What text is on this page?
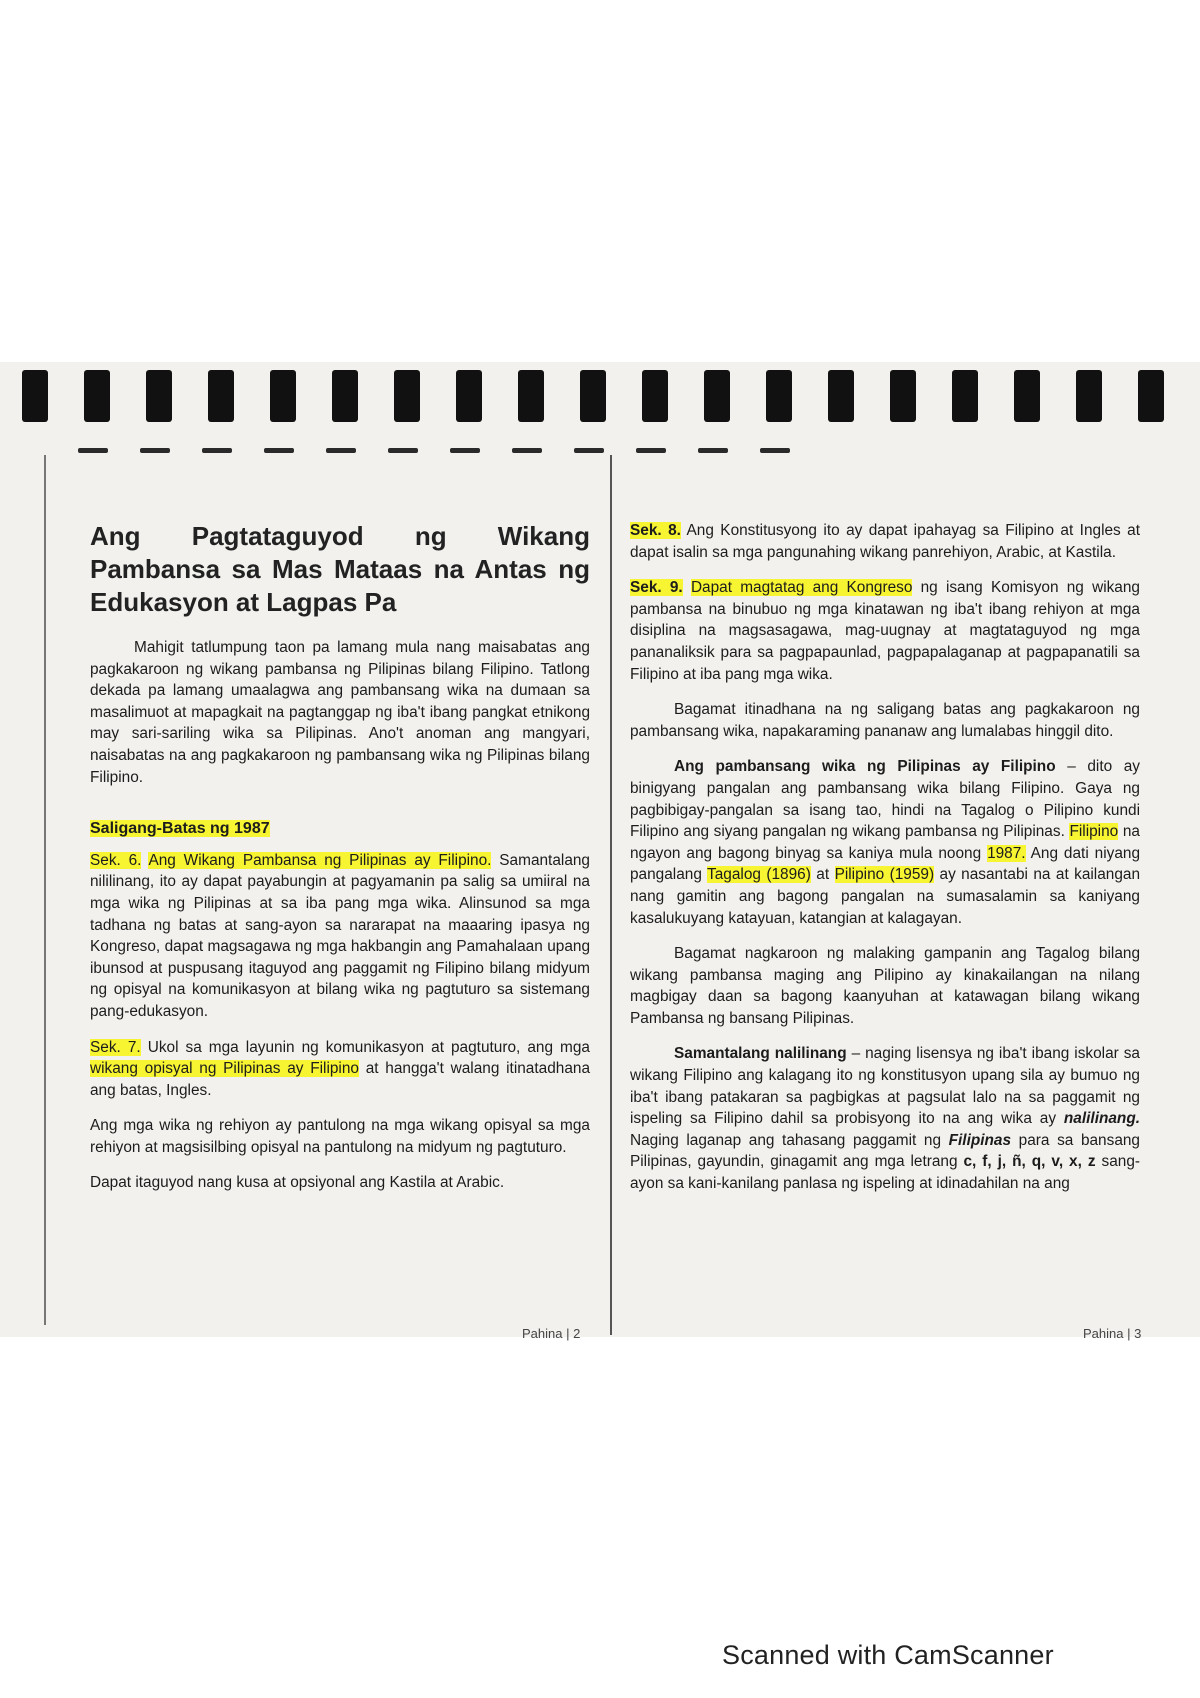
Ang Pagtataguyod ng Wikang Pambansa sa Mas Mataas na Antas ng Edukasyon at Lagpas Pa

Mahigit tatlumpung taon pa lamang mula nang maisabatas ang pagkakaroon ng wikang pambansa ng Pilipinas bilang Filipino. Tatlong dekada pa lamang umaalagwa ang pambansang wika na dumaan sa masalimuot at mapagkait na pagtanggap ng iba't ibang pangkat etnikong may sari-sariling wika sa Pilipinas. Ano't anoman ang mangyari, naisabatas na ang pagkakaroon ng pambansang wika ng Pilipinas bilang Filipino.

Saligang-Batas ng 1987

Sek. 6. Ang Wikang Pambansa ng Pilipinas ay Filipino. Samantalang nililinang, ito ay dapat payabungin at pagyamanin pa salig sa umiiral na mga wika ng Pilipinas at sa iba pang mga wika. Alinsunod sa mga tadhana ng batas at sang-ayon sa nararapat na maaaring ipasya ng Kongreso, dapat magsagawa ng mga hakbangin ang Pamahalaan upang ibunsod at puspusang itaguyod ang paggamit ng Filipino bilang midyum ng opisyal na komunikasyon at bilang wika ng pagtuturo sa sistemang pang-edukasyon.

Sek. 7. Ukol sa mga layunin ng komunikasyon at pagtuturo, ang mga wikang opisyal ng Pilipinas ay Filipino at hangga't walang itinatadhana ang batas, Ingles.

Ang mga wika ng rehiyon ay pantulong na mga wikang opisyal sa mga rehiyon at magsisilbing opisyal na pantulong na midyum ng pagtuturo.

Dapat itaguyod nang kusa at opsiyonal ang Kastila at Arabic.

Sek. 8. Ang Konstitusyong ito ay dapat ipahayag sa Filipino at Ingles at dapat isalin sa mga pangunahing wikang panrehiyon, Arabic, at Kastila.

Sek. 9. Dapat magtatag ang Kongreso ng isang Komisyon ng wikang pambansa na binubuo ng mga kinatawan ng iba't ibang rehiyon at mga disiplina na magsasagawa, mag-uugnay at magtataguyod ng mga pananaliksik para sa pagpapaunlad, pagpapalaganap at pagpapanatili sa Filipino at iba pang mga wika.

Bagamat itinadhana na ng saligang batas ang pagkakaroon ng pambansang wika, napakaraming pananaw ang lumalabas hinggil dito.

Ang pambansang wika ng Pilipinas ay Filipino – dito ay binigyang pangalan ang pambansang wika bilang Filipino. Gaya ng pagbibigay-pangalan sa isang tao, hindi na Tagalog o Pilipino kundi Filipino ang siyang pangalan ng wikang pambansa ng Pilipinas. Filipino na ngayon ang bagong binyag sa kaniya mula noong 1987. Ang dati niyang pangalang Tagalog (1896) at Pilipino (1959) ay nasantabi na at kailangan nang gamitin ang bagong pangalan na sumasalamin sa kaniyang kasalukuyang katayuan, katangian at kalagayan.

Bagamat nagkaroon ng malaking gampanin ang Tagalog bilang wikang pambansa maging ang Pilipino ay kinakailangan na nilang magbigay daan sa bagong kaanyuhan at katawagan bilang wikang Pambansa ng bansang Pilipinas.

Samantalang nalilinang – naging lisensya ng iba't ibang iskolar sa wikang Filipino ang kalagang ito ng konstitusyon upang sila ay bumuo ng iba't ibang patakaran sa pagbigkas at pagsulat lalo na sa paggamit ng ispeling sa Filipino dahil sa probisyong ito na ang wika ay nalilinang. Naging laganap ang tahasang paggamit ng Filipinas para sa bansang Pilipinas, gayundin, ginagamit ang mga letrang c, f, j, ñ, q, v, x, z sang-ayon sa kani-kanilang panlasa ng ispeling at idinadahilan na ang

Pahina | 2	Pahina | 3
Scanned with CamScanner
